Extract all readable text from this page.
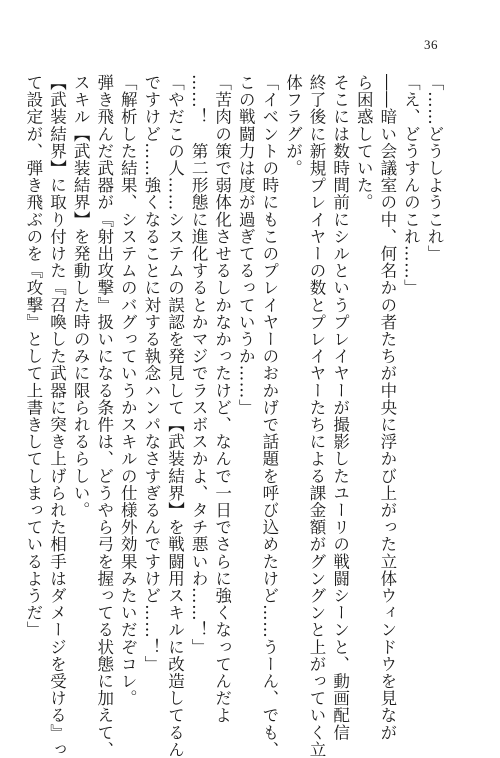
36
「……どうしようこれ」
「え、どうすんのこれ……」
――暗い会議室の中、何名かの者たちが中央に浮かび上がった立体ウィンドウを見なが
ら困惑していた。
そこには数時間前にシルというプレイヤーが撮影したユーリの戦闘シーンと、動画配信
終了後に新規プレイヤーの数とプレイヤーたちによる課金額がグングンと上がっていく立
体フラグが。
「イベントの時にもこのプレイヤーのおかげで話題を呼び込めたけど……うーん、でも、
この戦闘力は度が過ぎてるっていうか……」
「苦肉の策で弱体化させるしかなかったけど、なんで一日でさらに強くなってんだよ
……！　第二形態に進化するとかマジでラスボスかよ、タチ悪いわ……！」
「やだこの人……システムの誤認を発見して【武装結界】を戦闘用スキルに改造してるん
ですけど……強くなることに対する執念ハンパなさすぎるんですけど……！」
「解析した結果、システムのバグっていうかスキルの仕様外効果みたいだぞコレ。
弾き飛んだ武器が『射出攻撃』扱いになる条件は、どうやら弓を握ってる状態に加えて、
スキル【武装結界】を発動した時のみに限られるらしい。
【武装結界】に取り付けた『召喚した武器に突き上げられた相手はダメージを受ける』っ
て設定が、弾き飛ぶのを『攻撃』として上書きしてしまっているようだ」
